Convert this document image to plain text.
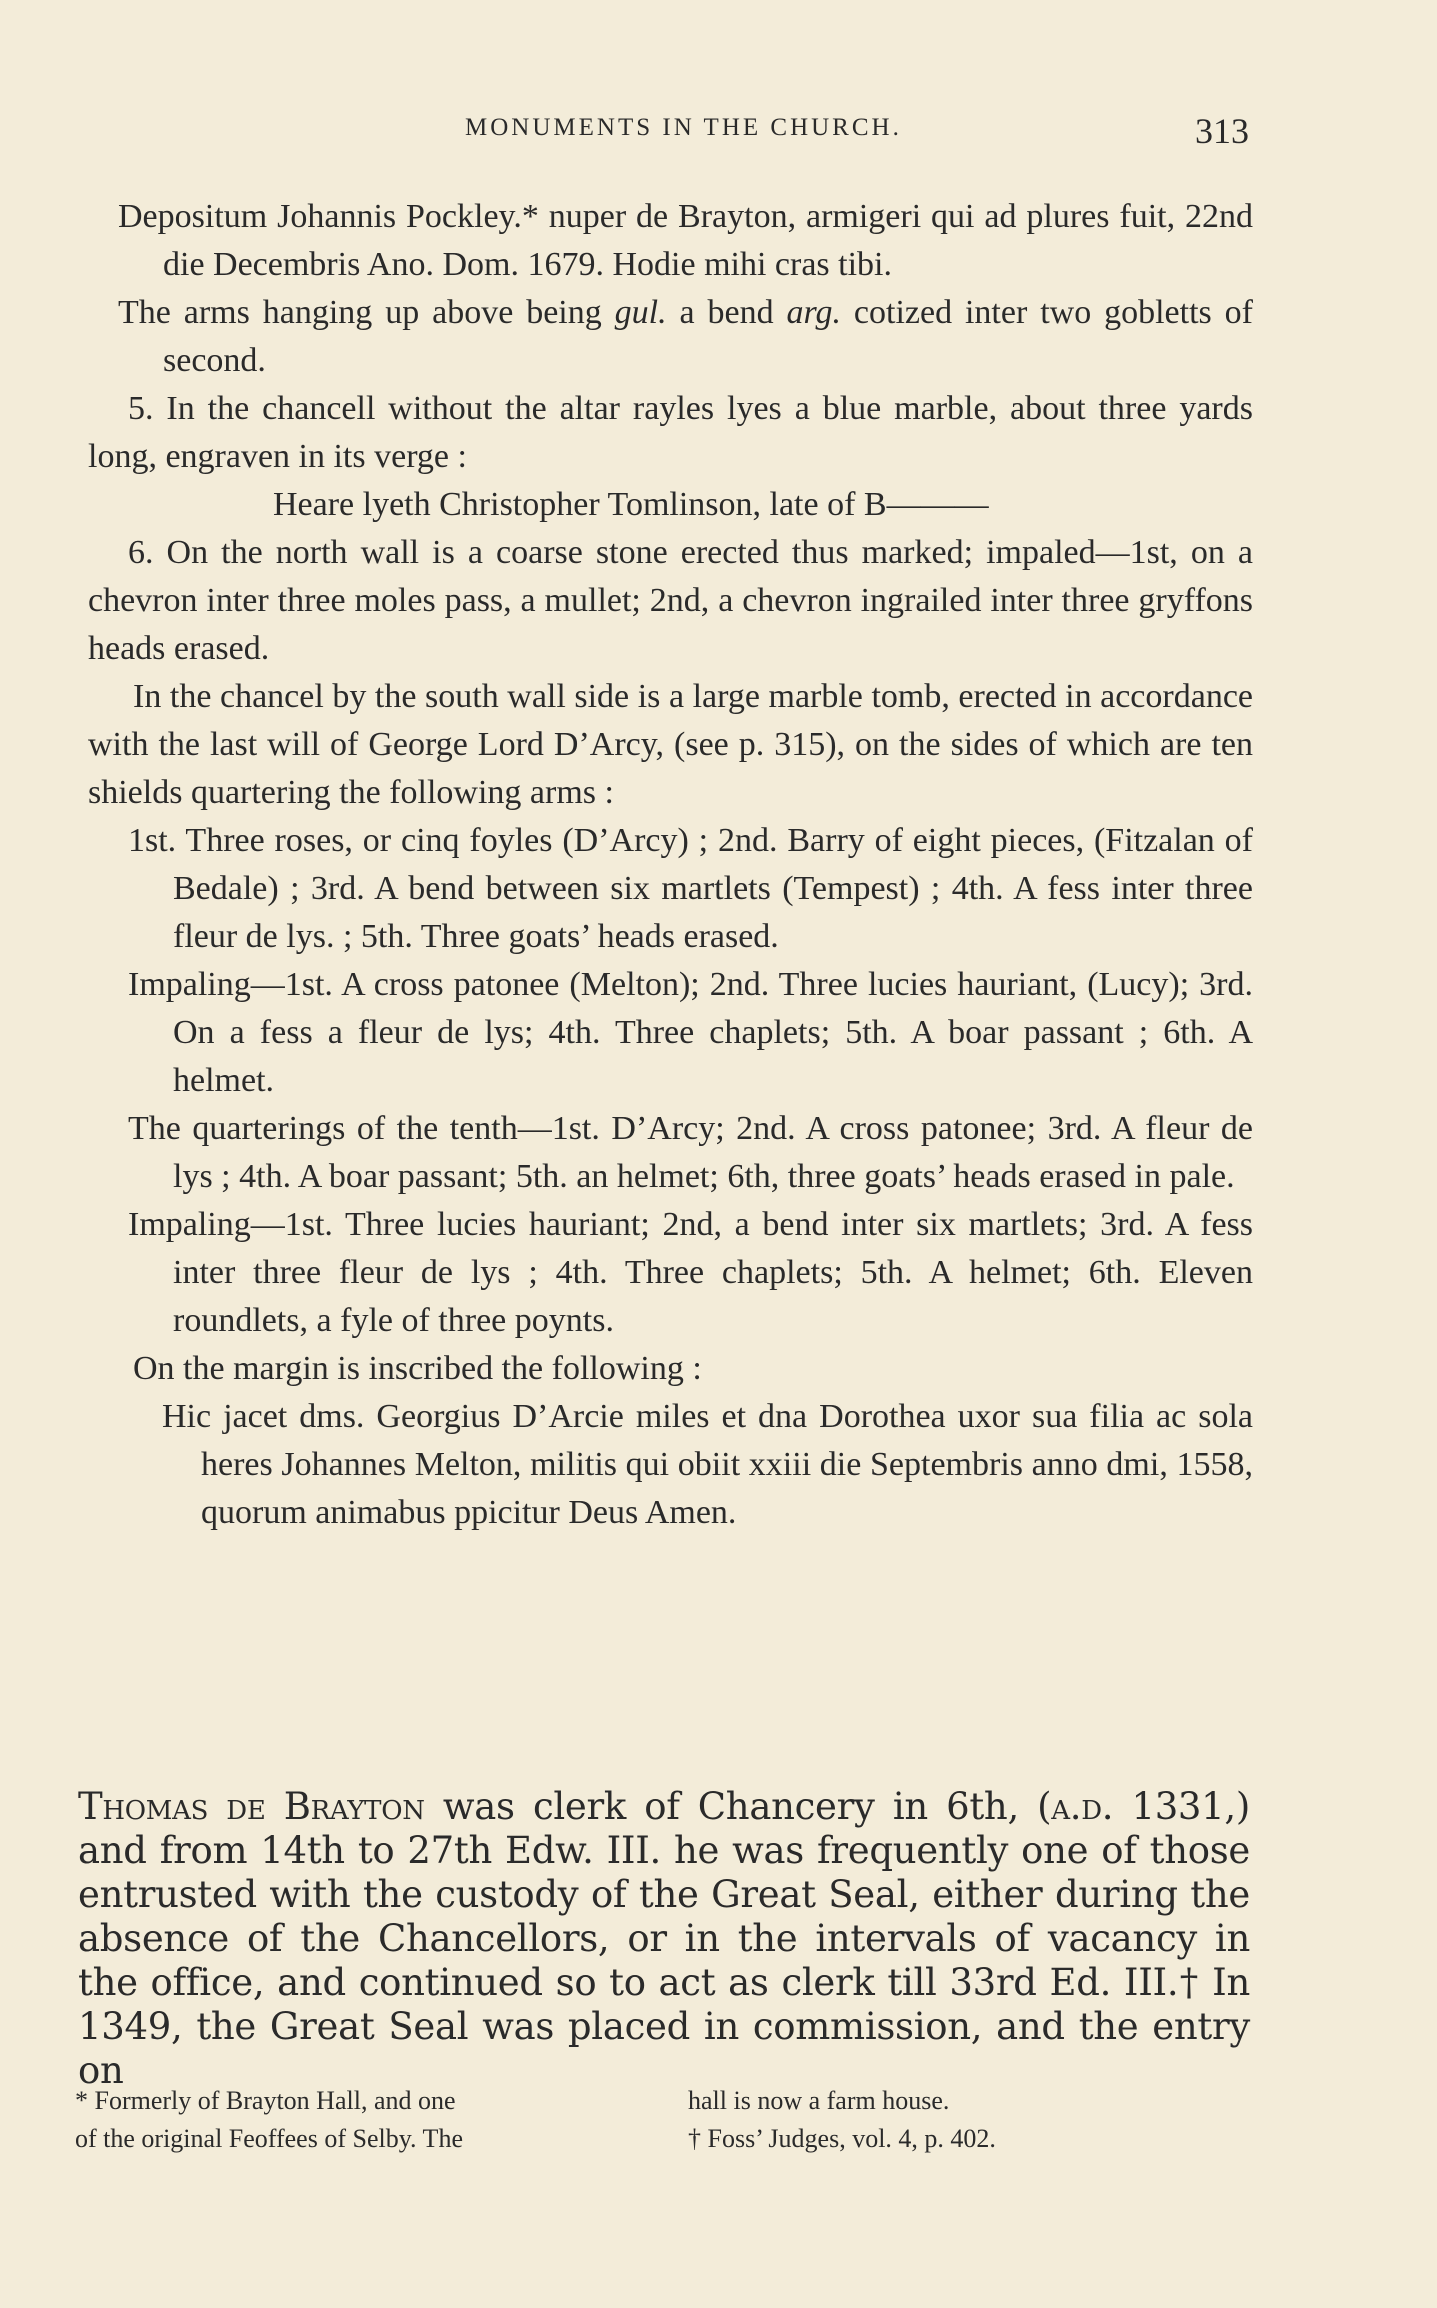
MONUMENTS IN THE CHURCH.	313

Depositum Johannis Pockley.* nuper de Brayton, armigeri qui ad plures fuit, 22nd die Decembris Ano. Dom. 1679. Hodie mihi cras tibi.

The arms hanging up above being gul. a bend arg. cotized inter two gobletts of second.

5. In the chancell without the altar rayles lyes a blue marble, about three yards long, engraven in its verge :

Heare lyeth Christopher Tomlinson, late of B———

6. On the north wall is a coarse stone erected thus marked; impaled—1st, on a chevron inter three moles pass, a mullet; 2nd, a chevron ingrailed inter three gryffons heads erased.

In the chancel by the south wall side is a large marble tomb, erected in accordance with the last will of George Lord D’Arcy, (see p. 315), on the sides of which are ten shields quartering the following arms :

1st. Three roses, or cinq foyles (D’Arcy) ; 2nd. Barry of eight pieces, (Fitzalan of Bedale) ; 3rd. A bend between six martlets (Tempest) ; 4th. A fess inter three fleur de lys. ; 5th. Three goats’ heads erased.

Impaling—1st. A cross patonee (Melton); 2nd. Three lucies hauriant, (Lucy); 3rd. On a fess a fleur de lys; 4th. Three chaplets; 5th. A boar passant ; 6th. A helmet.

The quarterings of the tenth—1st. D’Arcy; 2nd. A cross patonee; 3rd. A fleur de lys ; 4th. A boar passant; 5th. an helmet; 6th, three goats’ heads erased in pale.

Impaling—1st. Three lucies hauriant; 2nd, a bend inter six martlets; 3rd. A fess inter three fleur de lys ; 4th. Three chaplets; 5th. A helmet; 6th. Eleven roundlets, a fyle of three poynts.

On the margin is inscribed the following :

Hic jacet dms. Georgius D’Arcie miles et dna Dorothea uxor sua filia ac sola heres Johannes Melton, militis qui obiit xxiii die Septembris anno dmi, 1558, quorum animabus ppicitur Deus Amen.

Thomas de Brayton was clerk of Chancery in 6th, (a.d. 1331,) and from 14th to 27th Edw. III. he was frequently one of those entrusted with the custody of the Great Seal, either during the absence of the Chancellors, or in the intervals of vacancy in the office, and continued so to act as clerk till 33rd Ed. III.† In 1349, the Great Seal was placed in commission, and the entry on
* Formerly of Brayton Hall, and one
of the original Feoffees of Selby. The
hall is now a farm house.
† Foss’ Judges, vol. 4, p. 402.
